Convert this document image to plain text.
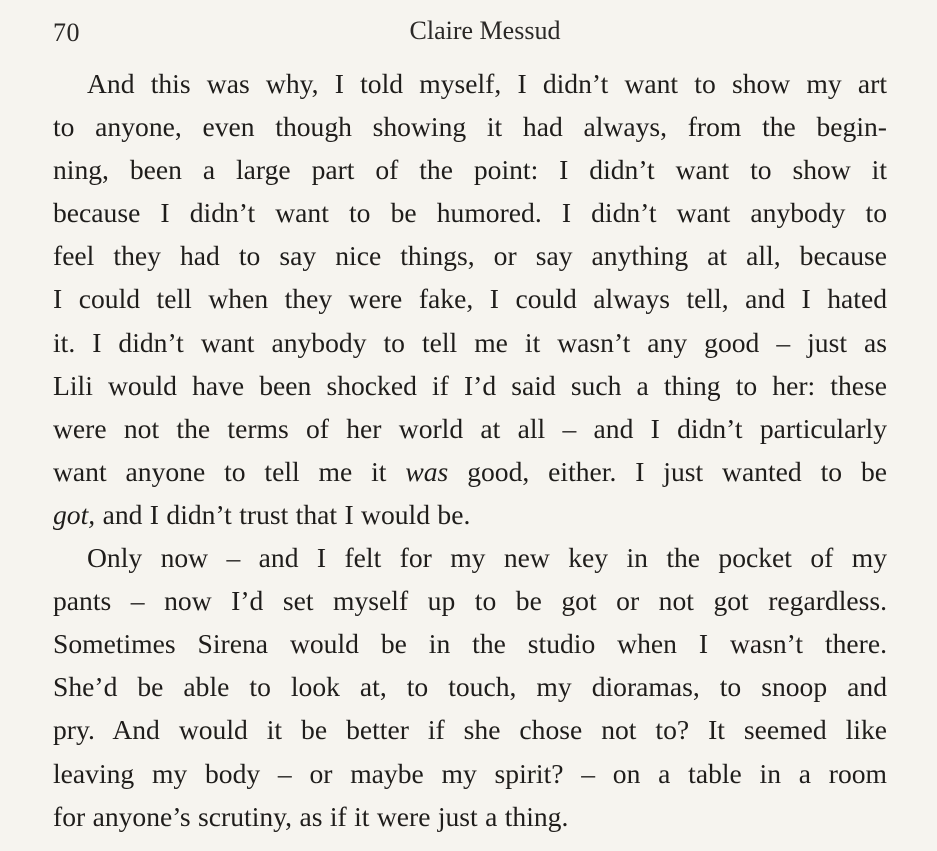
70	Claire Messud
And this was why, I told myself, I didn’t want to show my art
to anyone, even though showing it had always, from the begin-
ning, been a large part of the point: I didn’t want to show it
because I didn’t want to be humored. I didn’t want anybody to
feel they had to say nice things, or say anything at all, because
I could tell when they were fake, I could always tell, and I hated
it. I didn’t want anybody to tell me it wasn’t any good – just as
Lili would have been shocked if I’d said such a thing to her: these
were not the terms of her world at all – and I didn’t particularly
want anyone to tell me it was good, either. I just wanted to be
got, and I didn’t trust that I would be.
Only now – and I felt for my new key in the pocket of my
pants – now I’d set myself up to be got or not got regardless.
Sometimes Sirena would be in the studio when I wasn’t there.
She’d be able to look at, to touch, my dioramas, to snoop and
pry. And would it be better if she chose not to? It seemed like
leaving my body – or maybe my spirit? – on a table in a room
for anyone’s scrutiny, as if it were just a thing.
